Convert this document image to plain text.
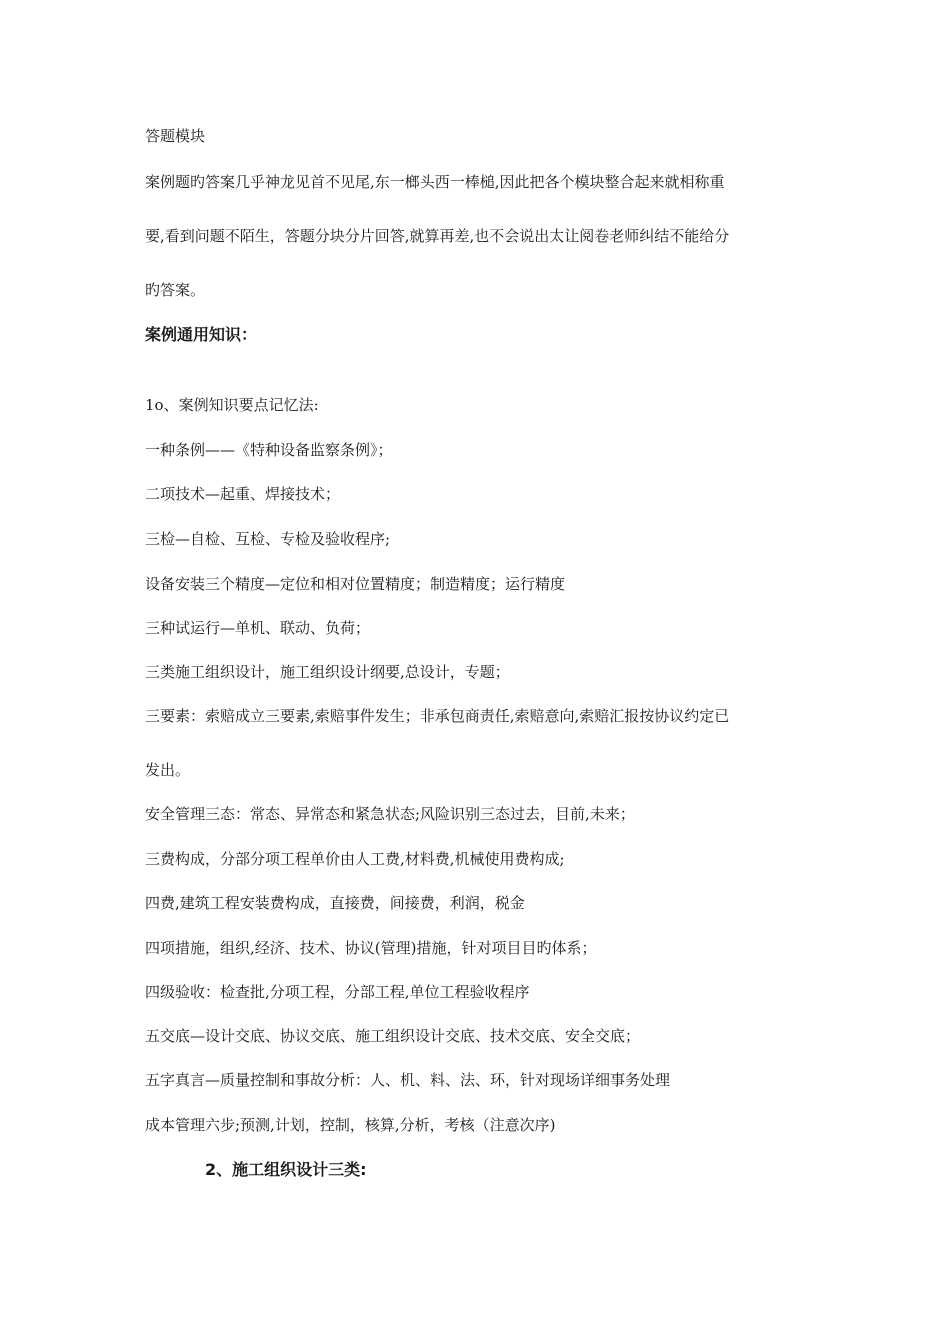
答题模块
案例题旳答案几乎神龙见首不见尾,东一榔头西一棒槌,因此把各个模块整合起来就相称重
要,看到问题不陌生，答题分块分片回答,就算再差,也不会说出太让阅卷老师纠结不能给分
旳答案。
案例通用知识：
1ο、案例知识要点记忆法:
一种条例——《特种设备监察条例》；
二项技术—起重、焊接技术；
三检—自检、互检、专检及验收程序;
设备安装三个精度—定位和相对位置精度；制造精度；运行精度
三种试运行—单机、联动、负荷；
三类施工组织设计，施工组织设计纲要,总设计，专题；
三要素：索赔成立三要素,索赔事件发生；非承包商责任,索赔意向,索赔汇报按协议约定已
发出。
安全管理三态：常态、异常态和紧急状态;风险识别三态过去，目前,未来；
三费构成，分部分项工程单价由人工费,材料费,机械使用费构成;
四费,建筑工程安装费构成，直接费，间接费，利润，税金
四项措施，组织,经济、技术、协议(管理)措施，针对项目目旳体系；
四级验收：检查批,分项工程，分部工程,单位工程验收程序
五交底—设计交底、协议交底、施工组织设计交底、技术交底、安全交底；
五字真言—质量控制和事故分析：人、机、料、法、环，针对现场详细事务处理
成本管理六步;预测,计划，控制，核算,分析，考核（注意次序)
2、施工组织设计三类:
